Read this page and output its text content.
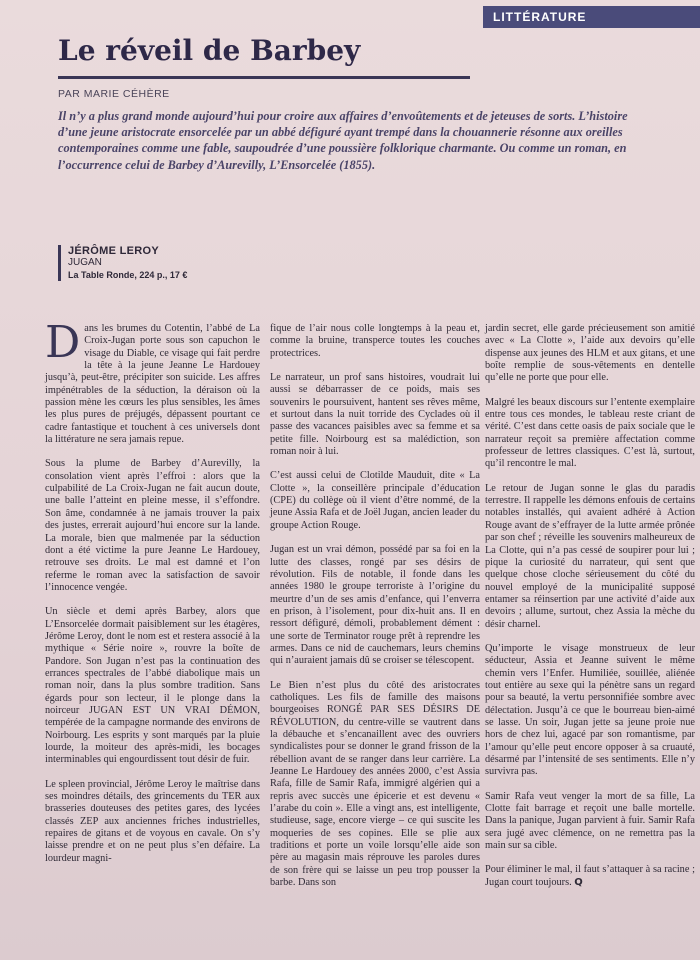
LITTÉRATURE
Le réveil de Barbey
PAR MARIE CÉHÈRE

Il n’y a plus grand monde aujourd’hui pour croire aux affaires d’envoûtements et de jeteuses de sorts. L’histoire d’une jeune aristocrate ensorcelée par un abbé défiguré ayant trempé dans la chouannerie résonne aux oreilles contemporaines comme une fable, saupoudrée d’une poussière folklorique charmante. Ou comme un roman, en l’occurrence celui de Barbey d’Aurevilly, L’Ensorcelée (1855).

JÉRÔME LEROY
JUGAN
La Table Ronde, 224 p., 17 €

Dans les brumes du Cotentin, l’abbé de La Croix-Jugan porte sous son capuchon le visage du Diable, ce visage qui fait perdre la tête à la jeune Jeanne Le Hardouey jusqu’à, peut-être, précipiter son suicide. Les affres impénétrables de la séduction, la déraison où la passion mène les cœurs les plus sensibles, les âmes les plus pures de préjugés, dépassent pourtant ce cadre fantastique et touchent à ces universels dont la littérature ne sera jamais repue.

Sous la plume de Barbey d’Aurevilly, la consolation vient après l’effroi : alors que la culpabilité de La Croix-Jugan ne fait aucun doute, une balle l’atteint en pleine messe, il s’effondre. Son âme, condamnée à ne jamais trouver la paix des justes, errerait aujourd’hui encore sur la lande. La morale, bien que malmenée par la séduction dont a été victime la pure Jeanne Le Hardouey, retrouve ses droits. Le mal est damné et l’on referme le roman avec la satisfaction de savoir l’innocence vengée.

Un siècle et demi après Barbey, alors que L’Ensorcelée dormait paisiblement sur les étagères, Jérôme Leroy, dont le nom est et restera associé à la mythique « Série noire », rouvre la boîte de Pandore. Son Jugan n’est pas la continuation des errances spectrales de l’abbé diabolique mais un roman noir, dans la plus sombre tradition. Sans égards pour son lecteur, il le plonge dans la noirceur JUGAN EST UN VRAI DÉMON, tempérée de la campagne normande des environs de Noirbourg. Les esprits y sont marqués par la pluie lourde, la moiteur des après-midi, les bocages interminables qui engourdissent tout désir de fuir.

Le spleen provincial, Jérôme Leroy le maîtrise dans ses moindres détails, des grincements du TER aux brasseries douteuses des petites gares, des lycées classés ZEP aux anciennes friches industrielles, repaires de gitans et de voyous en cavale. On s’y laisse prendre et on ne peut plus s’en défaire. La lourdeur magni-

fique de l’air nous colle longtemps à la peau et, comme la bruine, transperce toutes les couches protectrices.

Le narrateur, un prof sans histoires, voudrait lui aussi se débarrasser de ce poids, mais ses souvenirs le poursuivent, hantent ses rêves même, et surtout dans la nuit torride des Cyclades où il passe des vacances paisibles avec sa femme et sa petite fille. Noirbourg est sa malédiction, son roman noir à lui.

C’est aussi celui de Clotilde Mauduit, dite « La Clotte », la conseillère principale d’éducation (CPE) du collège où il vient d’être nommé, de la jeune Assia Rafa et de Joël Jugan, ancien leader du groupe Action Rouge.

Jugan est un vrai démon, possédé par sa foi en la lutte des classes, rongé par ses désirs de révolution. Fils de notable, il fonde dans les années 1980 le groupe terroriste à l’origine du meurtre d’un de ses amis d’enfance, qui l’enverra en prison, à l’isolement, pour dix-huit ans. Il en ressort défiguré, démoli, probablement dément : une sorte de Terminator rouge prêt à reprendre les armes. Dans ce nid de cauchemars, leurs chemins qui n’auraient jamais dû se croiser se télescopent.

Le Bien n’est plus du côté des aristocrates catholiques. Les fils de famille des maisons bourgeoises RONGÉ PAR SES DÉSIRS DE RÉVOLUTION, du centre-ville se vautrent dans la débauche et s’encanaillent avec des ouvriers syndicalistes pour se donner le grand frisson de la rébellion avant de se ranger dans leur carrière. La Jeanne Le Hardouey des années 2000, c’est Assia Rafa, fille de Samir Rafa, immigré algérien qui a repris avec succès une épicerie et est devenu « l’arabe du coin ». Elle a vingt ans, est intelligente, studieuse, sage, encore vierge – ce qui suscite les moqueries de ses copines. Elle se plie aux traditions et porte un voile lorsqu’elle aide son père au magasin mais réprouve les paroles dures de son frère qui se laisse un peu trop pousser la barbe. Dans son

jardin secret, elle garde précieusement son amitié avec « La Clotte », l’aide aux devoirs qu’elle dispense aux jeunes des HLM et aux gitans, et une boîte remplie de sous-vêtements en dentelle qu’elle ne porte que pour elle.

Malgré les beaux discours sur l’entente exemplaire entre tous ces mondes, le tableau reste criant de vérité. C’est dans cette oasis de paix sociale que le narrateur reçoit sa première affectation comme professeur de lettres classiques. C’est là, surtout, qu’il rencontre le mal.

Le retour de Jugan sonne le glas du paradis terrestre. Il rappelle les démons enfouis de certains notables installés, qui avaient adhéré à Action Rouge avant de s’effrayer de la lutte armée prônée par son chef ; réveille les souvenirs malheureux de La Clotte, qui n’a pas cessé de soupirer pour lui ; pique la curiosité du narrateur, qui sent que quelque chose cloche sérieusement du côté du nouvel employé de la municipalité supposé entamer sa réinsertion par une activité d’aide aux devoirs ; allume, surtout, chez Assia la mèche du désir charnel.

Qu’importe le visage monstrueux de leur séducteur, Assia et Jeanne suivent le même chemin vers l’Enfer. Humiliée, souillée, aliénée tout entière au sexe qui la pénètre sans un regard pour sa beauté, la vertu personnifiée sombre avec délectation. Jusqu’à ce que le bourreau bien-aimé se lasse. Un soir, Jugan jette sa jeune proie nue hors de chez lui, agacé par son romantisme, par l’amour qu’elle peut encore opposer à sa cruauté, désarmé par l’intensité de ses sentiments. Elle n’y survivra pas.

Samir Rafa veut venger la mort de sa fille, La Clotte fait barrage et reçoit une balle mortelle. Dans la panique, Jugan parvient à fuir. Samir Rafa sera jugé avec clémence, on ne remettra pas la main sur sa cible.

Pour éliminer le mal, il faut s’attaquer à sa racine ; Jugan court toujours. Q
